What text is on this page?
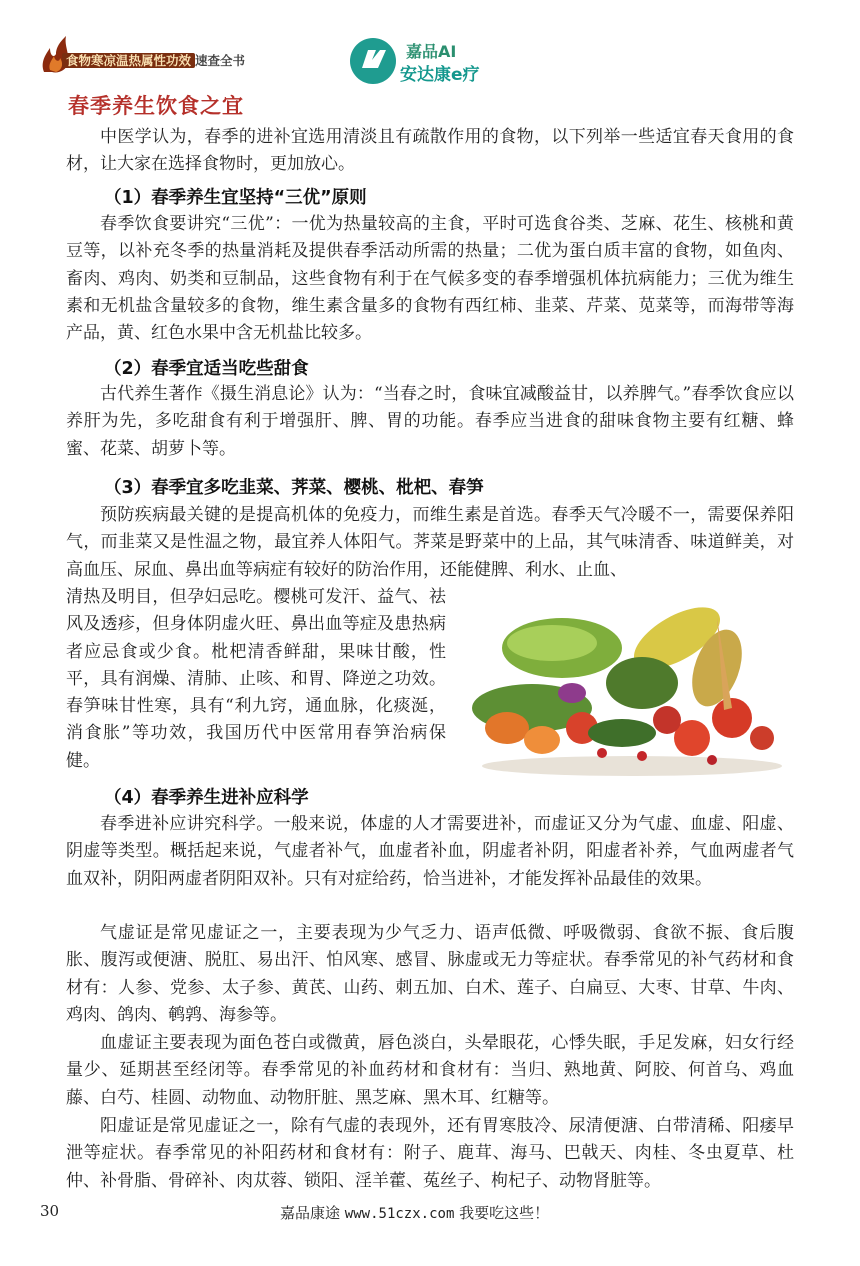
食物寒凉温热属性功效 速查全书	嘉品AI
安达康e疗
春季养生饮食之宜

中医学认为，春季的进补宜选用清淡且有疏散作用的食物，以下列举一些适宜春天食用的食材，让大家在选择食物时，更加放心。

（1）春季养生宜坚持“三优”原则

春季饮食要讲究“三优”：一优为热量较高的主食，平时可选食谷类、芝麻、花生、核桃和黄豆等，以补充冬季的热量消耗及提供春季活动所需的热量；二优为蛋白质丰富的食物，如鱼肉、畜肉、鸡肉、奶类和豆制品，这些食物有利于在气候多变的春季增强机体抗病能力；三优为维生素和无机盐含量较多的食物，维生素含量多的食物有西红柿、韭菜、芹菜、苋菜等，而海带等海产品，黄、红色水果中含无机盐比较多。

（2）春季宜适当吃些甜食

古代养生著作《摄生消息论》认为：“当春之时，食味宜减酸益甘，以养脾气。”春季饮食应以养肝为先，多吃甜食有利于增强肝、脾、胃的功能。春季应当进食的甜味食物主要有红糖、蜂蜜、花菜、胡萝卜等。

（3）春季宜多吃韭菜、荠菜、樱桃、枇杷、春笋

预防疾病最关键的是提高机体的免疫力，而维生素是首选。春季天气冷暖不一，需要保养阳气，而韭菜又是性温之物，最宜养人体阳气。荠菜是野菜中的上品，其气味清香、味道鲜美，对高血压、尿血、鼻出血等病症有较好的防治作用，还能健脾、利水、止血、

清热及明目，但孕妇忌吃。樱桃可发汗、益气、祛风及透疹，但身体阴虚火旺、鼻出血等症及患热病者应忌食或少食。枇杷清香鲜甜，果味甘酸，性平，具有润燥、清肺、止咳、和胃、降逆之功效。春笋味甘性寒，具有“利九窍，通血脉，化痰涎，消食胀”等功效，我国历代中医常用春笋治病保健。

（4）春季养生进补应科学

春季进补应讲究科学。一般来说，体虚的人才需要进补，而虚证又分为气虚、血虚、阳虚、阴虚等类型。概括起来说，气虚者补气，血虚者补血，阴虚者补阴，阳虚者补养，气血两虚者气血双补，阴阳两虚者阴阳双补。只有对症给药，恰当进补，才能发挥补品最佳的效果。

气虚证是常见虚证之一，主要表现为少气乏力、语声低微、呼吸微弱、食欲不振、食后腹胀、腹泻或便溏、脱肛、易出汗、怕风寒、感冒、脉虚或无力等症状。春季常见的补气药材和食材有：人参、党参、太子参、黄芪、山药、刺五加、白术、莲子、白扁豆、大枣、甘草、牛肉、鸡肉、鸽肉、鹌鹑、海参等。

血虚证主要表现为面色苍白或微黄，唇色淡白，头晕眼花，心悸失眠，手足发麻，妇女行经量少、延期甚至经闭等。春季常见的补血药材和食材有：当归、熟地黄、阿胶、何首乌、鸡血藤、白芍、桂圆、动物血、动物肝脏、黑芝麻、黑木耳、红糖等。

阳虚证是常见虚证之一，除有气虚的表现外，还有胃寒肢冷、尿清便溏、白带清稀、阳痿早泄等症状。春季常见的补阳药材和食材有：附子、鹿茸、海马、巴戟天、肉桂、冬虫夏草、杜仲、补骨脂、骨碎补、肉苁蓉、锁阳、淫羊藿、菟丝子、枸杞子、动物肾脏等。

30	嘉品康途 www.51czx.com 我要吃这些！
